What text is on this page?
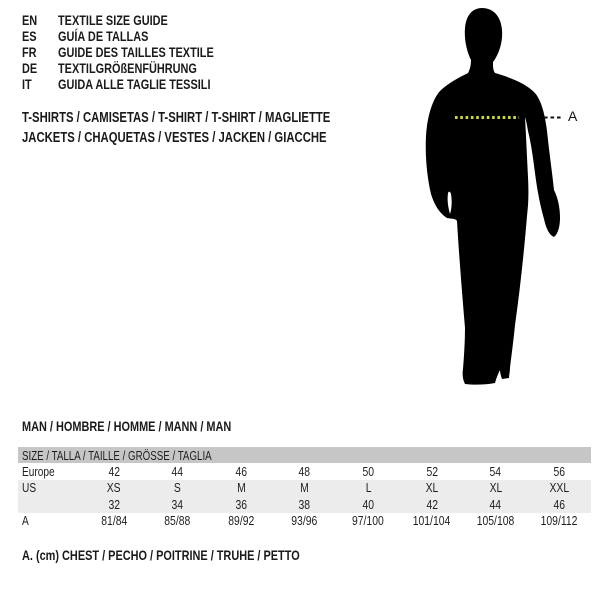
EN TEXTILE SIZE GUIDE
ES GUÍA DE TALLAS
FR GUIDE DES TAILLES TEXTILE
DE TEXTILGRÖßENFÜHRUNG
IT GUIDA ALLE TAGLIE TESSILI
T-SHIRTS / CAMISETAS / T-SHIRT / T-SHIRT / MAGLIETTE
JACKETS / CHAQUETAS / VESTES / JACKEN / GIACCHE
A
MAN / HOMBRE / HOMME / MANN / MAN
SIZE / TALLA / TAILLE / GRÖSSE / TAGLIA								
Europe	42	44	46	48	50	52	54	56
US	XS	S	M	M	L	XL	XL	XXL
	32	34	36	38	40	42	44	46
A	81/84	85/88	89/92	93/96	97/100	101/104	105/108	109/112
A. (cm) CHEST / PECHO / POITRINE / TRUHE / PETTO
